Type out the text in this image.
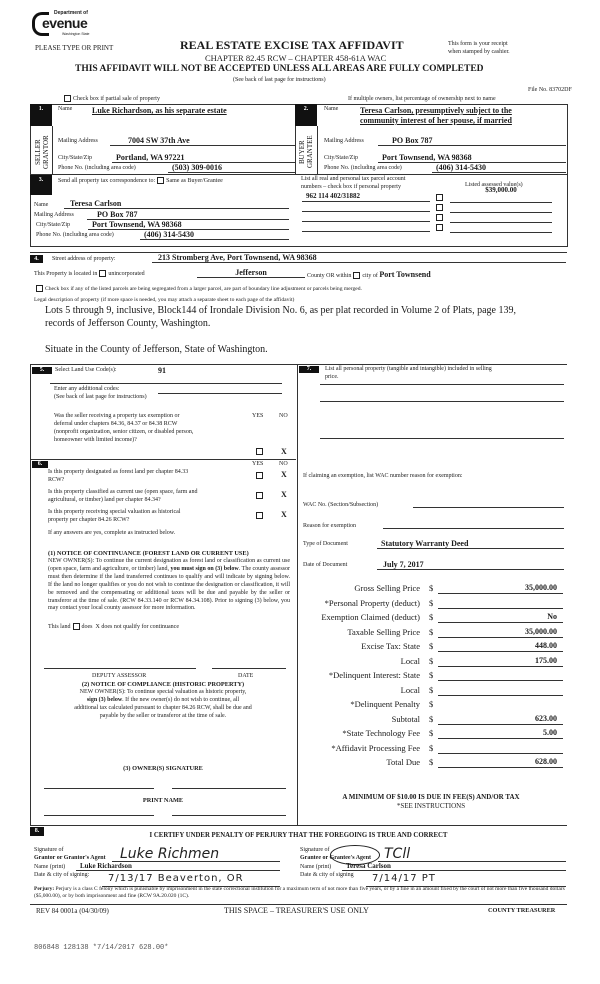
Department of
evenue
Washington State
PLEASE TYPE OR PRINT	REAL ESTATE EXCISE TAX AFFIDAVIT
CHAPTER 82.45 RCW – CHAPTER 458-61A WAC
This form is your receipt
when stamped by cashier.
THIS AFFIDAVIT WILL NOT BE ACCEPTED UNLESS ALL AREAS ARE FULLY COMPLETED
(See back of last page for instructions)
File No. 83702DF
Check box if partial sale of property	If multiple owners, list percentage of ownership next to name
1.
SELLER
GRANTOR
Name Luke Richardson, as his separate estate
Mailing Address	7004 SW 37th Ave
City/State/Zip	Portland, WA 97221
Phone No. (including area code)	(503) 309-0016
2.
BUYER
GRANTEE
Name	Teresa Carlson, presumptively subject to the
community interest of her spouse, if married
Mailing Address	PO Box 787
City/State/Zip	Port Townsend, WA 98368
Phone No. (including area code)	(406) 314-5430
3.	Send all property tax correspondence to: Same as Buyer/Grantee
Name	Teresa Carlson
Mailing Address	PO Box 787
City/State/Zip	Port Townsend, WA 98368
Phone No. (including area code)	(406) 314-5430
List all real and personal tax parcel account
numbers – check box if personal property	Listed assessed value(s)
962 114 402/31882
$39,000.00
4.	Street address of property:	213 Stromberg Ave, Port Townsend, WA 98368
This Property is located in unincorporated	Jefferson	County OR within city of Port Townsend
Check box if any of the listed parcels are being segregated from a larger parcel, are part of boundary line adjustment or parcels being merged.
Legal description of property (if more space is needed, you may attach a separate sheet to each page of the affidavit)
Lots 5 through 9, inclusive, Block144 of Irondale Division No. 6, as per plat recorded in Volume 2 of Plats, page 139,
records of Jefferson County, Washington.
Situate in the County of Jefferson, State of Washington.
5.	Select Land Use Code(s):	91
Enter any additional codes:
(See back of last page for instructions)
Was the seller receiving a property tax exemption or
deferral under chapters 84.36, 84.37 or 84.38 RCW
(nonprofit organization, senior citizen, or disabled person,
homeowner with limited income)?
YES	NO
X
6.	YES	NO
Is this property designated as forest land per chapter 84.33
RCW?
X
Is this property classified as current use (open space, farm and
agricultural, or timber) land per chapter 84.34?
X
Is this property receiving special valuation as historical
property per chapter 84.26 RCW?
X
If any answers are yes, complete as instructed below.
(1) NOTICE OF CONTINUANCE (FOREST LAND OR CURRENT USE)
NEW OWNER(S): To continue the current designation as forest land or classification as current use (open space, farm and agriculture, or timber) land, you must sign on (3) below. The county assessor must then determine if the land transferred continues to qualify and will indicate by signing below. If the land no longer qualifies or you do not wish to continue the designation or classification, it will be removed and the compensating or additional taxes will be due and payable by the seller or transferor at the time of sale. (RCW 84.33.140 or RCW 84.34.108). Prior to signing (3) below, you may contact your local county assessor for more information.
This land does X does not qualify for continuance
DEPUTY ASSESSOR	DATE
(2) NOTICE OF COMPLIANCE (HISTORIC PROPERTY)
NEW OWNER(S): To continue special valuation as historic property,
sign (3) below. If the new owner(s) do not wish to continue, all
additional tax calculated pursuant to chapter 84.26 RCW, shall be due and
payable by the seller or transferor at the time of sale.
(3) OWNER(S) SIGNATURE
PRINT NAME
7.	List all personal property (tangible and intangible) included in selling
price.
If claiming an exemption, list WAC number reason for exemption:
WAC No. (Section/Subsection)
Reason for exemption
Type of Document	Statutory Warranty Deed
Date of Document	July 7, 2017
Gross Selling Price $	35,000.00
*Personal Property (deduct) $
Exemption Claimed (deduct) $	No
Taxable Selling Price $	35,000.00
Excise Tax: State $	448.00
Local $	175.00
*Delinquent Interest: State $
Local $
*Delinquent Penalty $
Subtotal $	623.00
*State Technology Fee $	5.00
*Affidavit Processing Fee $
Total Due $	628.00
A MINIMUM OF $10.00 IS DUE IN FEE(S) AND/OR TAX
*SEE INSTRUCTIONS
8.
I CERTIFY UNDER PENALTY OF PERJURY THAT THE FOREGOING IS TRUE AND CORRECT
Signature of
Grantor or Grantor's Agent	Luke Richmen
Name (print)	Luke Richardson
Date & city of signing:	7/13/17 Beaverton, OR
Signature of
Grantee or Grantee's Agent TCll
Name (print)	Teresa Carlson
Date & city of signing	7/14/17 PT
Perjury: Perjury is a class C felony which is punishable by imprisonment in the state correctional institution for a maximum term of not more than five years, or by a fine in an amount fixed by the court of not more than five thousand dollars ($5,000.00), or by both imprisonment and fine (RCW 9A.20.020 (1C).
REV 84 0001a (04/30/09)	THIS SPACE – TREASURER'S USE ONLY	COUNTY TREASURER
806848 128138 *7/14/2017 628.00*
